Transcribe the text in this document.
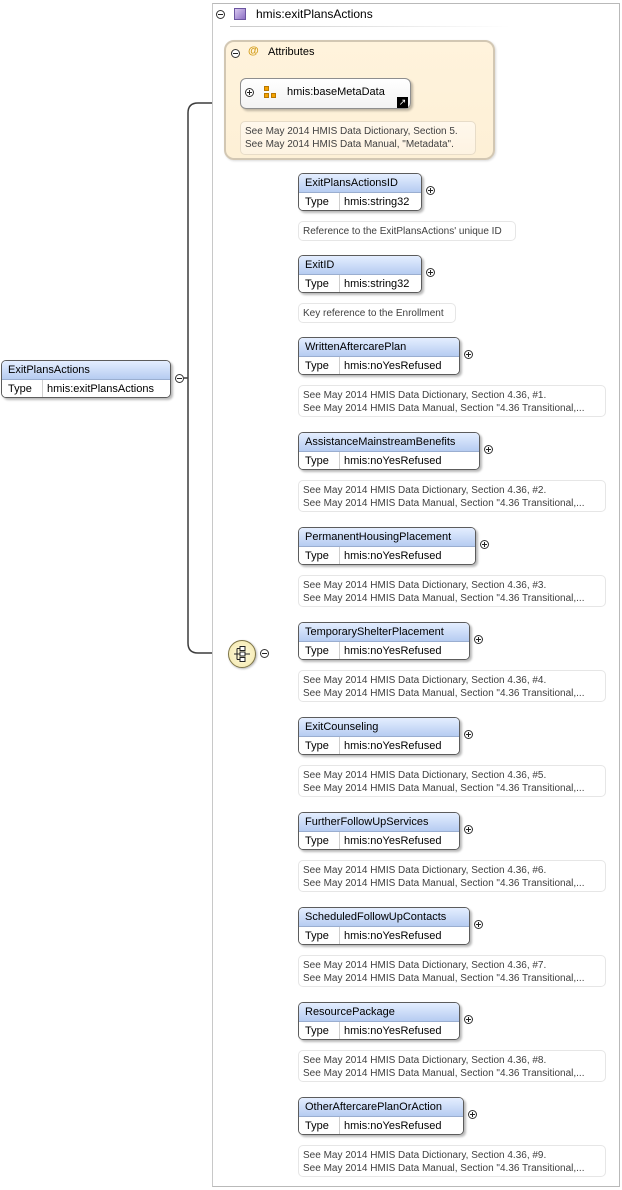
hmis:exitPlansActions
@ Attributes
hmis:baseMetaData
↗
See May 2014 HMIS Data Dictionary, Section 5.
See May 2014 HMIS Data Manual, "Metadata".
ExitPlansActions
Type	hmis:exitPlansActions
ExitPlansActionsID
Type	hmis:string32
Reference to the ExitPlansActions' unique ID
ExitID
Type	hmis:string32
Key reference to the Enrollment
WrittenAftercarePlan
Type	hmis:noYesRefused
See May 2014 HMIS Data Dictionary, Section 4.36, #1.
See May 2014 HMIS Data Manual, Section "4.36 Transitional,...
AssistanceMainstreamBenefits
Type	hmis:noYesRefused
See May 2014 HMIS Data Dictionary, Section 4.36, #2.
See May 2014 HMIS Data Manual, Section "4.36 Transitional,...
PermanentHousingPlacement
Type	hmis:noYesRefused
See May 2014 HMIS Data Dictionary, Section 4.36, #3.
See May 2014 HMIS Data Manual, Section "4.36 Transitional,...
TemporaryShelterPlacement
Type	hmis:noYesRefused
See May 2014 HMIS Data Dictionary, Section 4.36, #4.
See May 2014 HMIS Data Manual, Section "4.36 Transitional,...
ExitCounseling
Type	hmis:noYesRefused
See May 2014 HMIS Data Dictionary, Section 4.36, #5.
See May 2014 HMIS Data Manual, Section "4.36 Transitional,...
FurtherFollowUpServices
Type	hmis:noYesRefused
See May 2014 HMIS Data Dictionary, Section 4.36, #6.
See May 2014 HMIS Data Manual, Section "4.36 Transitional,...
ScheduledFollowUpContacts
Type	hmis:noYesRefused
See May 2014 HMIS Data Dictionary, Section 4.36, #7.
See May 2014 HMIS Data Manual, Section "4.36 Transitional,...
ResourcePackage
Type	hmis:noYesRefused
See May 2014 HMIS Data Dictionary, Section 4.36, #8.
See May 2014 HMIS Data Manual, Section "4.36 Transitional,...
OtherAftercarePlanOrAction
Type	hmis:noYesRefused
See May 2014 HMIS Data Dictionary, Section 4.36, #9.
See May 2014 HMIS Data Manual, Section "4.36 Transitional,...
